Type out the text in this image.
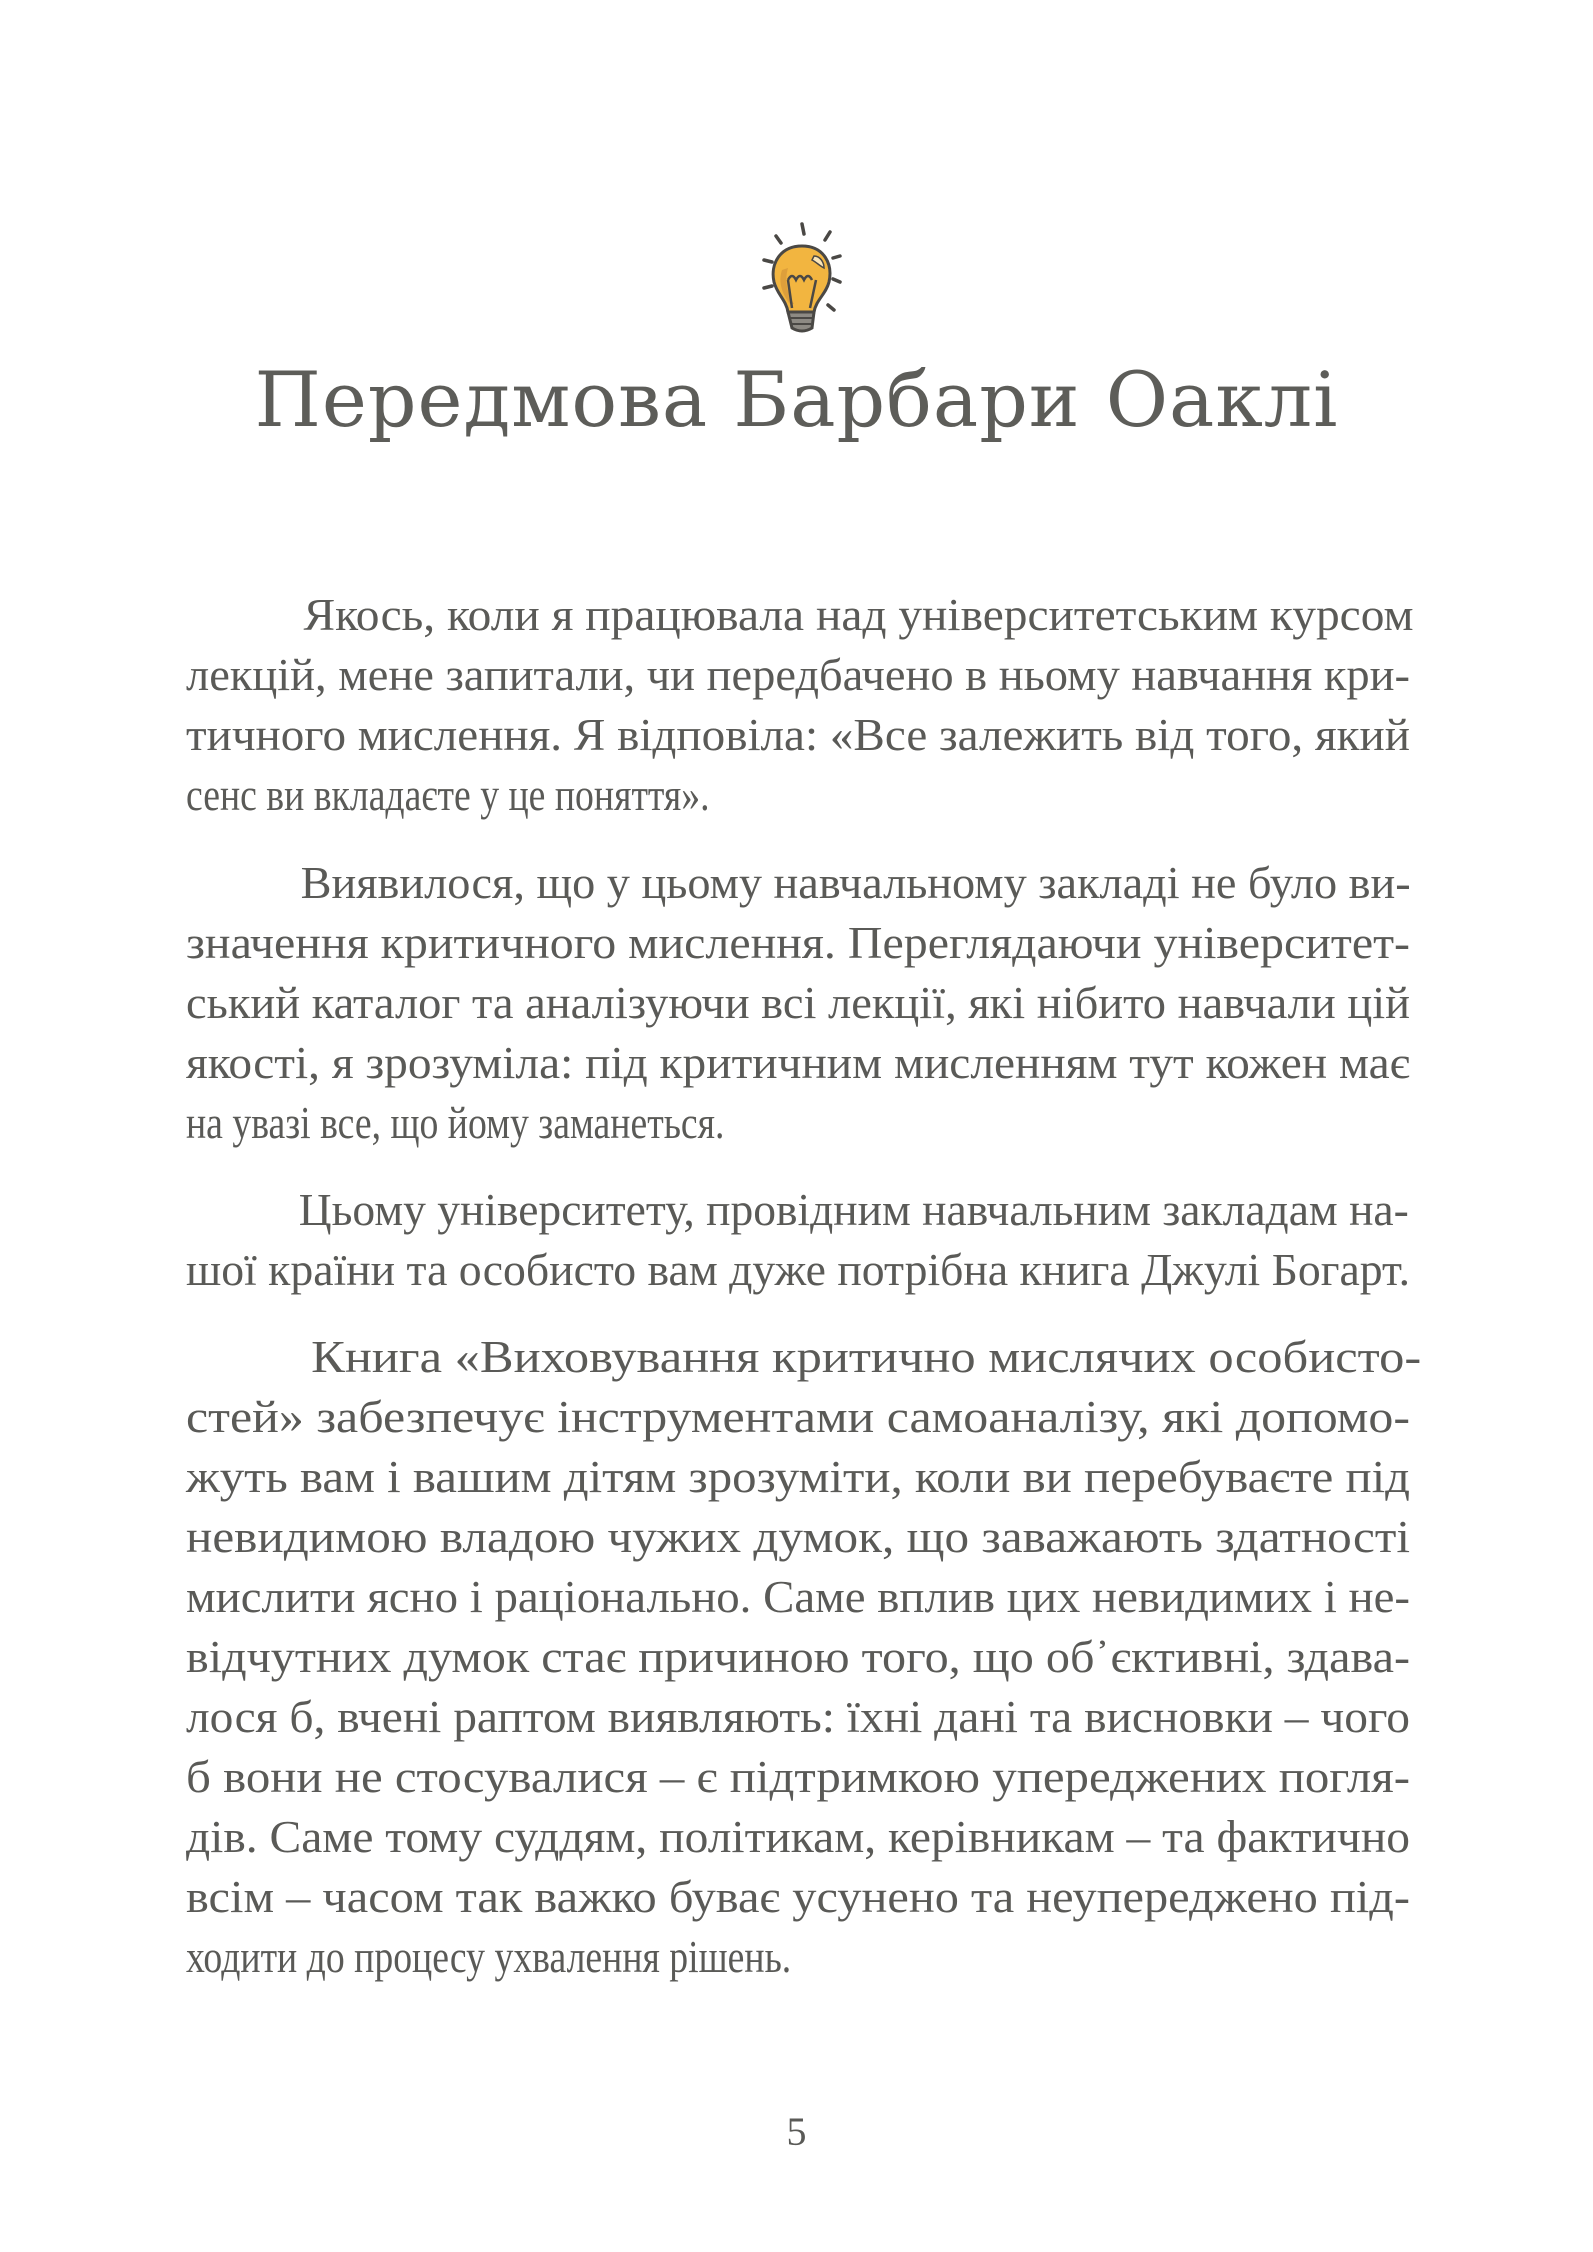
Передмова Барбари Оаклі
Якось, коли я працювала над університетським курсом
лекцій, мене запитали, чи передбачено в ньому навчання кри-
тичного мислення. Я відповіла: «Все залежить від того, який
сенс ви вкладаєте у це поняття».
Виявилося, що у цьому навчальному закладі не було ви-
значення критичного мислення. Переглядаючи університет-
ський каталог та аналізуючи всі лекції, які нібито навчали цій
якості, я зрозуміла: під критичним мисленням тут кожен має
на увазі все, що йому заманеться.
Цьому університету, провідним навчальним закладам на-
шої країни та особисто вам дуже потрібна книга Джулі Богарт.
Книга «Виховування критично мислячих особисто-
стей» забезпечує інструментами самоаналізу, які допомо-
жуть вам і вашим дітям зрозуміти, коли ви перебуваєте під
невидимою владою чужих думок, що заважають здатності
мислити ясно і раціонально. Саме вплив цих невидимих і не-
відчутних думок стає причиною того, що об᾿єктивні, здава-
лося б, вчені раптом виявляють: їхні дані та висновки – чого
б вони не стосувалися – є підтримкою упереджених погля-
дів. Саме тому суддям, політикам, керівникам – та фактично
всім – часом так важко буває усунено та неупереджено під-
ходити до процесу ухвалення рішень.
5
